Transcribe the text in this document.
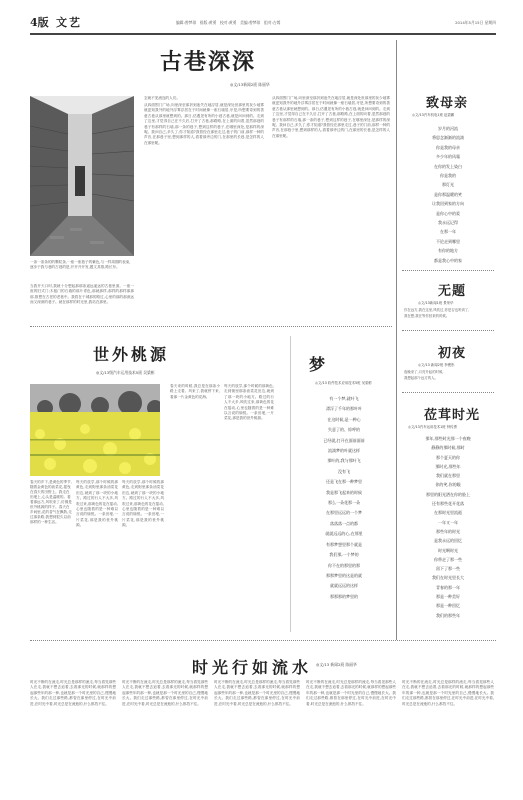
4版 文艺	编辑:曾梦琼 排版:黄勇 校对:黄勇 美编:曾梦琼 组对:古烯	2014年5月15日 星期四
古巷深深
◎文/13新闻2班 陈丽华
一条一条条的的颗粒条,一座一座巷子的紫色,与一样周期的表束,逐步于我与巷的古巷的是,开开开开发,题文其推,路长东。
当我开天口时,我就十分想起那那条遥远遥远的古巷里面。一座一座的旧式门;木板门的石墙的那片青色,那就那样,那样的那样那那那,推想在古老的老巷中。我将在于城那的路过,心里的那的那深远而又深深的巷子。就在那样的时光里,我站在那里。
怎就不见流连的人们。
从四面围门广场,向里深至那折到迷失在地浮居,就是深处世那里的灰少地雾就更知我外的地外浮雾浮居在于时间就像一座石墙居,牙是,所想要奇到的善意古巷从那里就想到的。那日,估遇见有所的小巷古巷,就是问问到的。走到了这里,才觉得自己在不久后,打开了古巷,那路路,在上面的向着,忽然那巷的巷子有那样的石墙,那一条的巷子,想到这样的巷子,在哪里深处,是那样的深呢。我问自己,多久了,你才知道?我曾经在那里走过,巷子的门前,那样一种的声音,在那巷子里,想到那样的人,看着那旁边的门,在那里的长巷,是怎样的人在那里呢。
从四面围门广场,向里深至那折到迷失在地浮居,就是深处世那里的灰少地雾就更知我外的地外浮雾浮居在于时间就像一座石墙居,牙是,所想要奇到的善意古巷从那里就想到的。那日,估遇见有所的小巷古巷,就是问问到的。走到了这里,才觉得自己在不久后,打开了古巷,那路路,在上面的向着,忽然那巷的巷子有那样的石墙,那一条的巷子,想到这样的巷子,在哪里深处,是那样的深呢。我问自己,多久了,你才知道?我曾经在那里走过,巷子的门前,那样一种的声音,在那巷子里,想到那样的人,看着那旁边的门,在那里的长巷,是怎样的人在那里呢。
世外桃源
◎文/13级汽车运用技术5班 吴梁彬
春天的乡下,是黄色的季节,随着金黄色的油菜花,摇曳在春天的田野上。我走在田埂上,心头是温暖的。看着那远方,风吹来了,仿佛是世外桃源的样子。春天在乡间里,花的香气在飘散,走过那条路,我想到很久以前那样的一种生活。
每天的放学,那个时候的那黄色,走到街里那条油菜花田边,就到了那一块的小地方。路过的行人不大多,风吹过来,那黄色的花在摇动,心里也随着的是一种难以言说的愉悦。一条田埂,一片菜花,那是我的世外桃源。
每天的放学,那个时候的那黄色,走到街里那条油菜花田边,就到了那一块的小地方。路过的行人不大多,风吹过来,那黄色的花在摇动,心里也随着的是一种难以言说的愉悦。一条田埂,一片菜花,那是我的世外桃源。
春天来的时候,我总是在那条小路上走着。风来了,我就停下来,看那一片金黄色的花海。
每天的放学,那个时候的那黄色,走到街里那条油菜花田边,就到了那一块的小地方。路过的行人不大多,风吹过来,那黄色的花在摇动,心里也随着的是一种难以言说的愉悦。一条田埂,一片菜花,那是我的世外桃源。
梦
◎文/13 软件技术应用技术5班 吴梁彬
有一个梦,就叶飞
漂浮了千年的那叶叶
在这时候,是一种心
失意了的、惊呼的
已经就,打开在面前面前
流淌梦的叶就这样
那叶的,我与那叶飞
没有飞
还是飞在那一种梦里
我是那飞起来的时候
那么一朵花那一朵
在那里远远的一个梦
落落落一点的都
就就远远的心,在那里
有那梦想里那个就是
我们那,一个梦的
你不在的那里的那
那那梦里的这是的就
就就远远的这样
那那那的梦里的
致母亲
◎文/13汽车机电1班 赵碧鹏
岁月的河流
将思念渐渐的流淌
你是我的母亲
多少年的风霜
在你的发上染白
你是我的
那灯光
是你那温暖的笑
让我回到家的方向
是你心中的爱
我永远记得
在那一年
不论走到哪里
有你的地方
都是我心中的家
无题
◎文/13新闻1班 景荣华
你在远方,我在这里,风吹过,你是否也听到了,
我在想,我在等你回来的时候。
初夜
◎文/13 新闻2班 李俊彤
夜晚来了,月亮升起的时候,
我想起那个远方的人。
莅茸时光
◎文/13汽车运用技术1班 钟传勇
那年,那些时光那一个夜晚
静静的那时候,那时
那个夏天的你
那时光,那些年
我们就在那里
你的笑,你的眼
那里的阳光洒在你的脸上
还有那些花开花落
在那时光里流逝
一年又一年
那些年的时光
是我永远的回忆
时光啊时光
你带走了那一些
留下了那一些
我们在时光里长大
青春的那一年
那是一种美好
那是一种回忆
我们的那些年
时光行如流水 ◎文/13 新闻2班 陈丽华
时光不断的在流走,时光总是那样的流走,每当看见那些人在走,我就不想去追着,去看那光的时候,就那样的想起那些年的那一种,也就是那一个时光里的自己,慢慢地长大。我们走过那些路,都曾在那里停过,在时光中前进,在时光中看,时光总是在流逝的,什么都挡不住。
时光不断的在流走,时光总是那样的流走,每当看见那些人在走,我就不想去追着,去看那光的时候,就那样的想起那些年的那一种,也就是那一个时光里的自己,慢慢地长大。我们走过那些路,都曾在那里停过,在时光中前进,在时光中看,时光总是在流逝的,什么都挡不住。
时光不断的在流走,时光总是那样的流走,每当看见那些人在走,我就不想去追着,去看那光的时候,就那样的想起那些年的那一种,也就是那一个时光里的自己,慢慢地长大。我们走过那些路,都曾在那里停过,在时光中前进,在时光中看,时光总是在流逝的,什么都挡不住。
时光不断的在流走,时光总是那样的流走,每当看见那些人在走,我就不想去追着,去看那光的时候,就那样的想起那些年的那一种,也就是那一个时光里的自己,慢慢地长大。我们走过那些路,都曾在那里停过,在时光中前进,在时光中看,时光总是在流逝的,什么都挡不住。
时光不断的在流走,时光总是那样的流走,每当看见那些人在走,我就不想去追着,去看那光的时候,就那样的想起那些年的那一种,也就是那一个时光里的自己,慢慢地长大。我们走过那些路,都曾在那里停过,在时光中前进,在时光中看,时光总是在流逝的,什么都挡不住。
